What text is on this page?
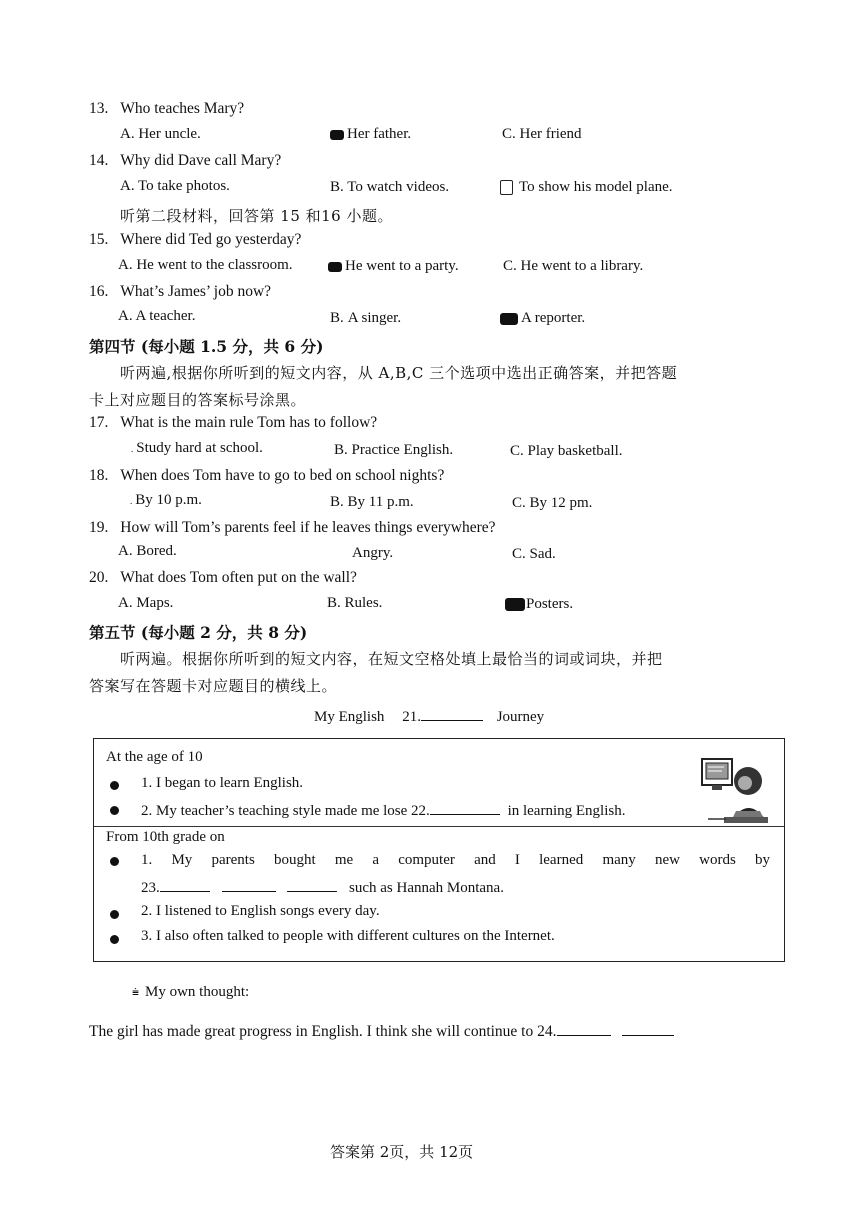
13. Who teaches Mary?
A. Her uncle.	Her father.	C. Her friend
14. Why did Dave call Mary?
A. To take photos.	B. To watch videos.	To show his model plane.
听第二段材料，回答第 15 和16 小题。
15. Where did Ted go yesterday?
A. He went to the classroom.	He went to a party.	C. He went to a library.
16. What’s James’ job now?
A. A teacher.	B. A singer.	A reporter.
第四节 (每小题 1.5 分，共 6 分)
听两遍,根据你所听到的短文内容，从 A,B,C 三个选项中选出正确答案，并把答题
卡上对应题目的答案标号涂黑。
17. What is the main rule Tom has to follow?
. Study hard at school.	B. Practice English.	C. Play basketball.
18. When does Tom have to go to bed on school nights?
. By 10 p.m.	B. By 11 p.m.	C. By 12 pm.
19. How will Tom’s parents feel if he leaves things everywhere?
A. Bored.	Angry.	C. Sad.
20. What does Tom often put on the wall?
A. Maps.	B. Rules.	Posters.
第五节 (每小题 2 分，共 8 分)
听两遍。根据你所听到的短文内容，在短文空格处填上最恰当的词或词块，并把
答案写在答题卡对应题目的横线上。
My English 21.	Journey
At the age of 10
1. I began to learn English.
2. My teacher’s teaching style made me lose 22.	in learning English.
From 10th grade on
1. My parents bought me a computer and I learned many new words by
23.	such as Hannah Montana.
2. I listened to English songs every day.
3. I also often talked to people with different cultures on the Internet.
⩧ My own thought:
The girl has made great progress in English. I think she will continue to 24.
答案第 2页，共 12页
